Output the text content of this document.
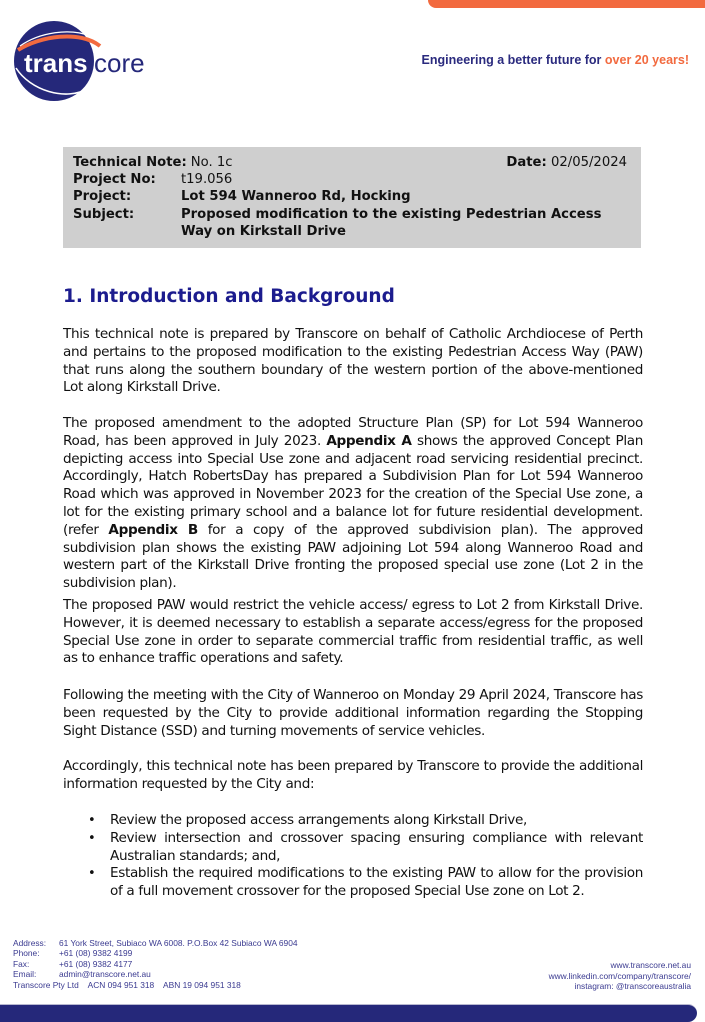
trans core	Engineering a better future for over 20 years!
Technical Note: No. 1c	Date: 02/05/2024
Project No:	t19.056
Project:	Lot 594 Wanneroo Rd, Hocking
Subject:	Proposed modification to the existing Pedestrian Access Way on Kirkstall Drive
1. Introduction and Background

This technical note is prepared by Transcore on behalf of Catholic Archdiocese of Perth and pertains to the proposed modification to the existing Pedestrian Access Way (PAW) that runs along the southern boundary of the western portion of the above-mentioned Lot along Kirkstall Drive.

The proposed amendment to the adopted Structure Plan (SP) for Lot 594 Wanneroo Road, has been approved in July 2023. Appendix A shows the approved Concept Plan depicting access into Special Use zone and adjacent road servicing residential precinct. Accordingly, Hatch RobertsDay has prepared a Subdivision Plan for Lot 594 Wanneroo Road which was approved in November 2023 for the creation of the Special Use zone, a lot for the existing primary school and a balance lot for future residential development. (refer Appendix B for a copy of the approved subdivision plan). The approved subdivision plan shows the existing PAW adjoining Lot 594 along Wanneroo Road and western part of the Kirkstall Drive fronting the proposed special use zone (Lot 2 in the subdivision plan).

The proposed PAW would restrict the vehicle access/ egress to Lot 2 from Kirkstall Drive. However, it is deemed necessary to establish a separate access/egress for the proposed Special Use zone in order to separate commercial traffic from residential traffic, as well as to enhance traffic operations and safety.

Following the meeting with the City of Wanneroo on Monday 29 April 2024, Transcore has been requested by the City to provide additional information regarding the Stopping Sight Distance (SSD) and turning movements of service vehicles.

Accordingly, this technical note has been prepared by Transcore to provide the additional information requested by the City and:

• Review the proposed access arrangements along Kirkstall Drive,
• Review intersection and crossover spacing ensuring compliance with relevant Australian standards; and,
• Establish the required modifications to the existing PAW to allow for the provision of a full movement crossover for the proposed Special Use zone on Lot 2.
Address:	61 York Street, Subiaco WA 6008. P.O.Box 42 Subiaco WA 6904
Phone:	+61 (08) 9382 4199
Fax:	+61 (08) 9382 4177
Email:	admin@transcore.net.au
Transcore Pty Ltd    ACN 094 951 318    ABN 19 094 951 318
www.transcore.net.au
www.linkedin.com/company/transcore/
instagram: @transcoreaustralia
